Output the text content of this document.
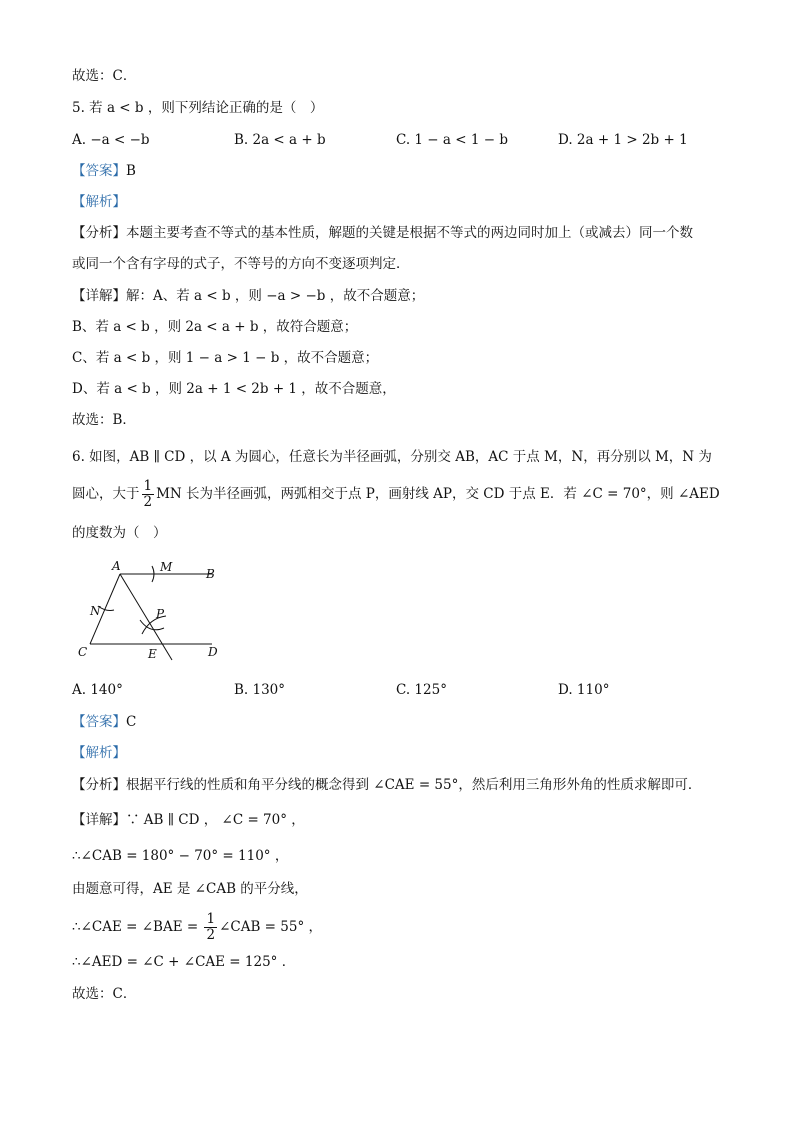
故选：C．
5. 若 a < b ，则下列结论正确的是（　）
A. −a < −b	B. 2a < a + b	C. 1 − a < 1 − b	D. 2a + 1 > 2b + 1
【答案】B
【解析】
【分析】本题主要考查不等式的基本性质，解题的关键是根据不等式的两边同时加上（或减去）同一个数
或同一个含有字母的式子，不等号的方向不变逐项判定．
【详解】解：A、若 a < b ，则 −a > −b ，故不合题意；
B、若 a < b ，则 2a < a + b ，故符合题意；
C、若 a < b ，则 1 − a > 1 − b ，故不合题意；
D、若 a < b ，则 2a + 1 < 2b + 1 ，故不合题意，
故选：B．
6. 如图，AB ∥ CD ，以 A 为圆心，任意长为半径画弧，分别交 AB，AC 于点 M，N，再分别以 M，N 为
圆心，大于 $\frac{1}{2}$ MN 长为半径画弧，两弧相交于点 P，画射线 AP，交 CD 于点 E．若 ∠C = 70°，则 ∠AED
的度数为（　）
A	M	B
N	P
C	E	D
A. 140°	B. 130°	C. 125°	D. 110°
【答案】C
【解析】
【分析】根据平行线的性质和角平分线的概念得到 ∠CAE = 55°，然后利用三角形外角的性质求解即可．
【详解】∵ AB ∥ CD ， ∠C = 70° ，
∴∠CAB = 180° − 70° = 110° ，
由题意可得，AE 是 ∠CAB 的平分线，
∴∠CAE = ∠BAE = $\frac{1}{2}$ ∠CAB = 55° ，
∴∠AED = ∠C + ∠CAE = 125° ．
故选：C．
